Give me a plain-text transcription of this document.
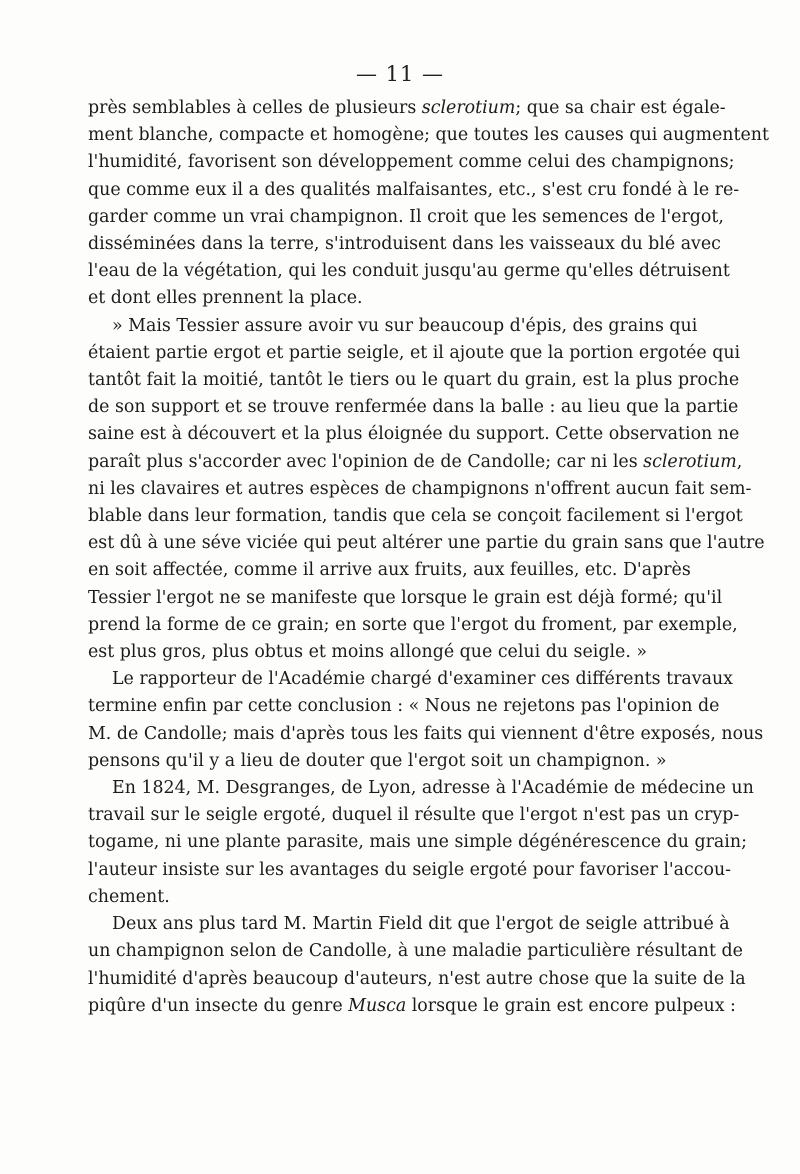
— 11 —

près semblables à celles de plusieurs sclerotium; que sa chair est égale-

ment blanche, compacte et homogène; que toutes les causes qui augmentent

l'humidité, favorisent son développement comme celui des champignons;

que comme eux il a des qualités malfaisantes, etc., s'est cru fondé à le re-

garder comme un vrai champignon. Il croit que les semences de l'ergot,

disséminées dans la terre, s'introduisent dans les vaisseaux du blé avec

l'eau de la végétation, qui les conduit jusqu'au germe qu'elles détruisent

et dont elles prennent la place.

» Mais Tessier assure avoir vu sur beaucoup d'épis, des grains qui

étaient partie ergot et partie seigle, et il ajoute que la portion ergotée qui

tantôt fait la moitié, tantôt le tiers ou le quart du grain, est la plus proche

de son support et se trouve renfermée dans la balle : au lieu que la partie

saine est à découvert et la plus éloignée du support. Cette observation ne

paraît plus s'accorder avec l'opinion de de Candolle; car ni les sclerotium,

ni les clavaires et autres espèces de champignons n'offrent aucun fait sem-

blable dans leur formation, tandis que cela se conçoit facilement si l'ergot

est dû à une séve viciée qui peut altérer une partie du grain sans que l'autre

en soit affectée, comme il arrive aux fruits, aux feuilles, etc. D'après

Tessier l'ergot ne se manifeste que lorsque le grain est déjà formé; qu'il

prend la forme de ce grain; en sorte que l'ergot du froment, par exemple,

est plus gros, plus obtus et moins allongé que celui du seigle. »

Le rapporteur de l'Académie chargé d'examiner ces différents travaux

termine enfin par cette conclusion : « Nous ne rejetons pas l'opinion de

M. de Candolle; mais d'après tous les faits qui viennent d'être exposés, nous

pensons qu'il y a lieu de douter que l'ergot soit un champignon. »

En 1824, M. Desgranges, de Lyon, adresse à l'Académie de médecine un

travail sur le seigle ergoté, duquel il résulte que l'ergot n'est pas un cryp-

togame, ni une plante parasite, mais une simple dégénérescence du grain;

l'auteur insiste sur les avantages du seigle ergoté pour favoriser l'accou-

chement.

Deux ans plus tard M. Martin Field dit que l'ergot de seigle attribué à

un champignon selon de Candolle, à une maladie particulière résultant de

l'humidité d'après beaucoup d'auteurs, n'est autre chose que la suite de la

piqûre d'un insecte du genre Musca lorsque le grain est encore pulpeux :
